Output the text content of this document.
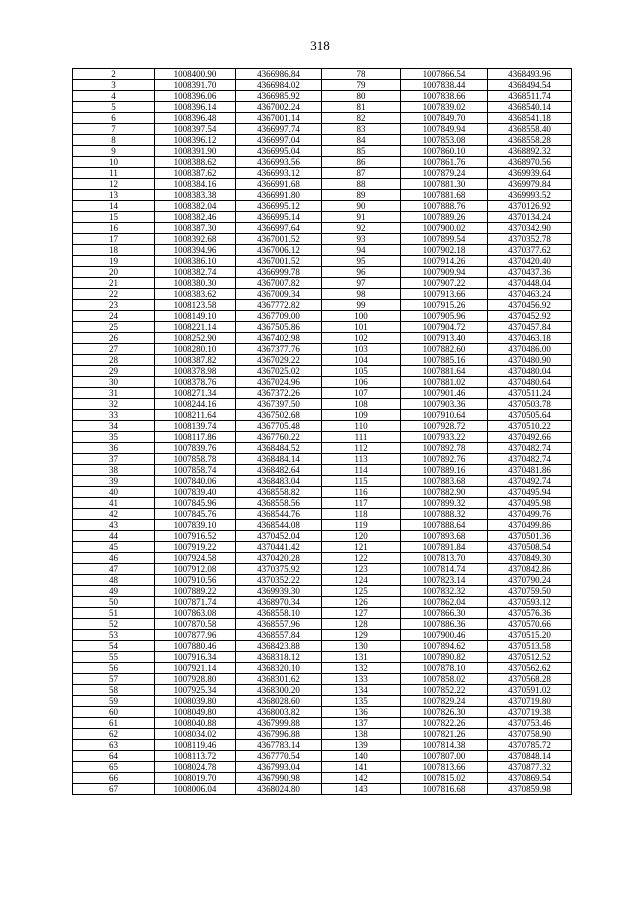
318
2	1008400.90	4366986.84	78	1007866.54	4368493.96
3	1008391.70	4366984.02	79	1007838.44	4368494.54
4	1008396.06	4366985.92	80	1007838.66	4368511.74
5	1008396.14	4367002.24	81	1007839.02	4368540.14
6	1008396.48	4367001.14	82	1007849.70	4368541.18
7	1008397.54	4366997.74	83	1007849.94	4368558.40
8	1008396.12	4366997.04	84	1007853.08	4368558.28
9	1008391.90	4366995.04	85	1007860.10	4368892.32
10	1008388.62	4366993.56	86	1007861.76	4368970.56
11	1008387.62	4366993.12	87	1007879.24	4369939.64
12	1008384.16	4366991.68	88	1007881.30	4369979.84
13	1008383.38	4366991.80	89	1007881.68	4369993.52
14	1008382.04	4366995.12	90	1007888.76	4370126.92
15	1008382.46	4366995.14	91	1007889.26	4370134.24
16	1008387.30	4366997.64	92	1007900.02	4370342.90
17	1008392.68	4367001.52	93	1007899.54	4370352.78
18	1008394.96	4367006.12	94	1007902.18	4370377.62
19	1008386.10	4367001.52	95	1007914.26	4370420.40
20	1008382.74	4366999.78	96	1007909.94	4370437.36
21	1008380.30	4367007.82	97	1007907.22	4370448.04
22	1008383.62	4367009.34	98	1007913.66	4370463.24
23	1008123.58	4367772.82	99	1007915.26	4370456.92
24	1008149.10	4367709.00	100	1007905.96	4370452.92
25	1008221.14	4367505.86	101	1007904.72	4370457.84
26	1008252.90	4367402.98	102	1007913.40	4370463.18
27	1008280.10	4367377.76	103	1007882.60	4370486.00
28	1008387.82	4367029.22	104	1007885.16	4370480.90
29	1008378.98	4367025.02	105	1007881.64	4370480.04
30	1008378.76	4367024.96	106	1007881.02	4370480.64
31	1008271.34	4367372.26	107	1007901.46	4370511.24
32	1008244.16	4367397.50	108	1007903.36	4370503.78
33	1008211.64	4367502.68	109	1007910.64	4370505.64
34	1008139.74	4367705.48	110	1007928.72	4370510.22
35	1008117.86	4367760.22	111	1007933.22	4370492.66
36	1007839.76	4368484.52	112	1007892.78	4370482.74
37	1007858.78	4368484.14	113	1007892.76	4370482.74
38	1007858.74	4368482.64	114	1007889.16	4370481.86
39	1007840.06	4368483.04	115	1007883.68	4370492.74
40	1007839.40	4368558.82	116	1007882.90	4370495.94
41	1007845.96	4368558.56	117	1007899.32	4370495.98
42	1007845.76	4368544.76	118	1007888.32	4370499.76
43	1007839.10	4368544.08	119	1007888.64	4370499.86
44	1007916.52	4370452.04	120	1007893.68	4370501.36
45	1007919.22	4370441.42	121	1007891.84	4370508.54
46	1007924.58	4370420.28	122	1007813.70	4370849.30
47	1007912.08	4370375.92	123	1007814.74	4370842.86
48	1007910.56	4370352.22	124	1007823.14	4370790.24
49	1007889.22	4369939.30	125	1007832.32	4370759.50
50	1007871.74	4368970.34	126	1007862.04	4370593.12
51	1007863.08	4368558.10	127	1007866.30	4370576.36
52	1007870.58	4368557.96	128	1007886.36	4370570.66
53	1007877.96	4368557.84	129	1007900.46	4370515.20
54	1007880.46	4368423.88	130	1007894.62	4370513.58
55	1007916.34	4368318.12	131	1007890.82	4370512.52
56	1007921.14	4368320.10	132	1007878.10	4370562.62
57	1007928.80	4368301.62	133	1007858.02	4370568.28
58	1007925.34	4368300.20	134	1007852.22	4370591.02
59	1008039.80	4368028.60	135	1007829.24	4370719.80
60	1008049.80	4368003.82	136	1007826.30	4370719.38
61	1008040.88	4367999.88	137	1007822.26	4370753.46
62	1008034.02	4367996.88	138	1007821.26	4370758.90
63	1008119.46	4367783.14	139	1007814.38	4370785.72
64	1008113.72	4367770.54	140	1007807.00	4370848.14
65	1008024.78	4367993.04	141	1007813.66	4370877.32
66	1008019.70	4367990.98	142	1007815.02	4370869.54
67	1008006.04	4368024.80	143	1007816.68	4370859.98
